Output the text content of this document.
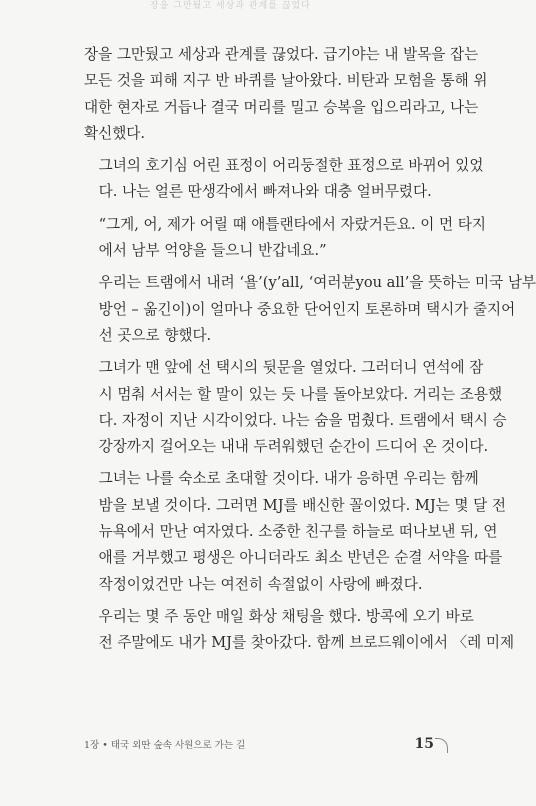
장을 그만뒀고 세상과 관계를 끊었다
장을 그만뒀고 세상과 관계를 끊었다. 급기야는 내 발목을 잡는
모든 것을 피해 지구 반 바퀴를 날아왔다. 비탄과 모험을 통해 위
대한 현자로 거듭나 결국 머리를 밀고 승복을 입으리라고, 나는
확신했다.
그녀의 호기심 어린 표정이 어리둥절한 표정으로 바뀌어 있었
다. 나는 얼른 딴생각에서 빠져나와 대충 얼버무렸다.
“그게, 어, 제가 어릴 때 애틀랜타에서 자랐거든요. 이 먼 타지
에서 남부 억양을 들으니 반갑네요.”
우리는 트램에서 내려 ‘욜’(y’all, ‘여러분you all’을 뜻하는 미국 남부
방언 – 옮긴이)이 얼마나 중요한 단어인지 토론하며 택시가 줄지어
선 곳으로 향했다.
그녀가 맨 앞에 선 택시의 뒷문을 열었다. 그러더니 연석에 잠
시 멈춰 서서는 할 말이 있는 듯 나를 돌아보았다. 거리는 조용했
다. 자정이 지난 시각이었다. 나는 숨을 멈췄다. 트램에서 택시 승
강장까지 걸어오는 내내 두려워했던 순간이 드디어 온 것이다.
그녀는 나를 숙소로 초대할 것이다. 내가 응하면 우리는 함께
밤을 보낼 것이다. 그러면 MJ를 배신한 꼴이었다. MJ는 몇 달 전
뉴욕에서 만난 여자였다. 소중한 친구를 하늘로 떠나보낸 뒤, 연
애를 거부했고 평생은 아니더라도 최소 반년은 순결 서약을 따를
작정이었건만 나는 여전히 속절없이 사랑에 빠졌다.
우리는 몇 주 동안 매일 화상 채팅을 했다. 방콕에 오기 바로
전 주말에도 내가 MJ를 찾아갔다. 함께 브로드웨이에서 〈레 미제
1장 • 태국 외딴 숲속 사원으로 가는 길	15
